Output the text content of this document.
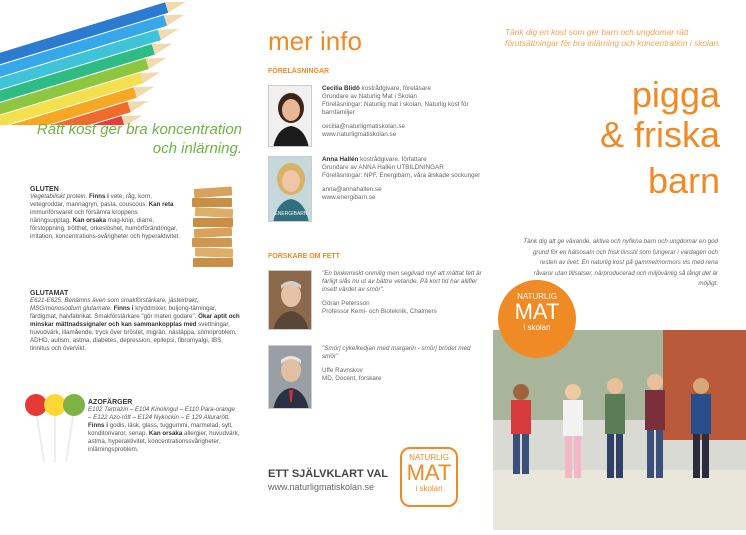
Rätt kost ger bra koncentration och inlärning.
GLUTEN
Vegetabiliskt protein. Finns i vete, råg, korn, vetegroddar, mannagryn, pasta, couscous. Kan reta immunförsvaret och försämra kroppens näringsupptag. Kan orsaka mag-knip, diarré, förstoppning, trötthet, orkeslöshet, humörförändringar, irritation, koncentrations-svårigheter och hyperaktivitet.
GLUTAMAT
E621-E625. Benämns även som smakförstärkare, jästextrakt, MSG/monosodium glutamate. Finns i kryddmixer, buljong-tärningar, färdigmat, halvfabrikat. Smakförstärkare "gör maten godare". Ökar aptit och minskar mättnadssignaler och kan sammankopplas med svettningar, huvudvärk, illamående, tryck över bröstet, migrän, nästäppa, sömnproblem, ADHD, autism, astma, diabetes, depression, epilepsi, fibromyalgi, IBS, tinnitus och övervikt.
AZOFÄRGER
E102 Tartrazin – E104 Kinolingul – E110 Para-orange – E122 Azo-rött – E124 Nykockin – E 129 Allurarött. Finns i godis, läsk, glass, tuggummi, marmelad, sylt, konditorivaror, senap. Kan orsaka allergier, huvudvärk, astma, hyperaktivitet, koncentrationssvårigheter, inlärningsproblem.
mer info
FÖRELÄSNINGAR
Cecilia Blidö kostrådgivare, föreläsare
Grundare av Naturlig Mat i Skolan
Föreläsningar: Naturlig mat i skolan, Naturlig kost för barnfamiljer
cecilia@naturligmatiskolan.se
www.naturligmatiskolan.se
ENERGIBARN
Anna Hallén kostrådgivare, författare
Grundare av ANNA Hallén UTBILDNINGAR
Föreläsningar: NPF, Energibarn, våra älskade sockunger
anna@annahallen.se
www.energibarn.se
FORSKARE OM FETT
"En biokemiskt onmilig men segilvad myt att mättat fett är farligt slås nu ut av bättre vetande. På kort tid har allifler insett värdet av smör".
Göran Petersson
Professor Kemi- och Bioteknik, Chalmers
"Smörj cykelkedjan med margarin - smörj brödet med smör"
Uffe Ravnskov
MD, Docent, forskare
ETT SJÄLVKLART VAL
www.naturligmatiskolan.se
NATURLIG
MAT
i skolan
Tänk dig en kost som ger barn och ungdomar rätt förutsättningar för bra inlärning och koncentration i skolan.
pigga
& friska
barn
Tänk dig att ge växande, aktiva och nyfikna barn och ungdomar en god grund för en hälsosam och frisk livsstil som fungerar i vardagen och resten av livet. En naturlig kost på gammelmormors vis med rena råvaror utan tillsatser, närproducerad och miljövänlig så långt det är möjligt.
NATURLIG
MAT
i skolan
